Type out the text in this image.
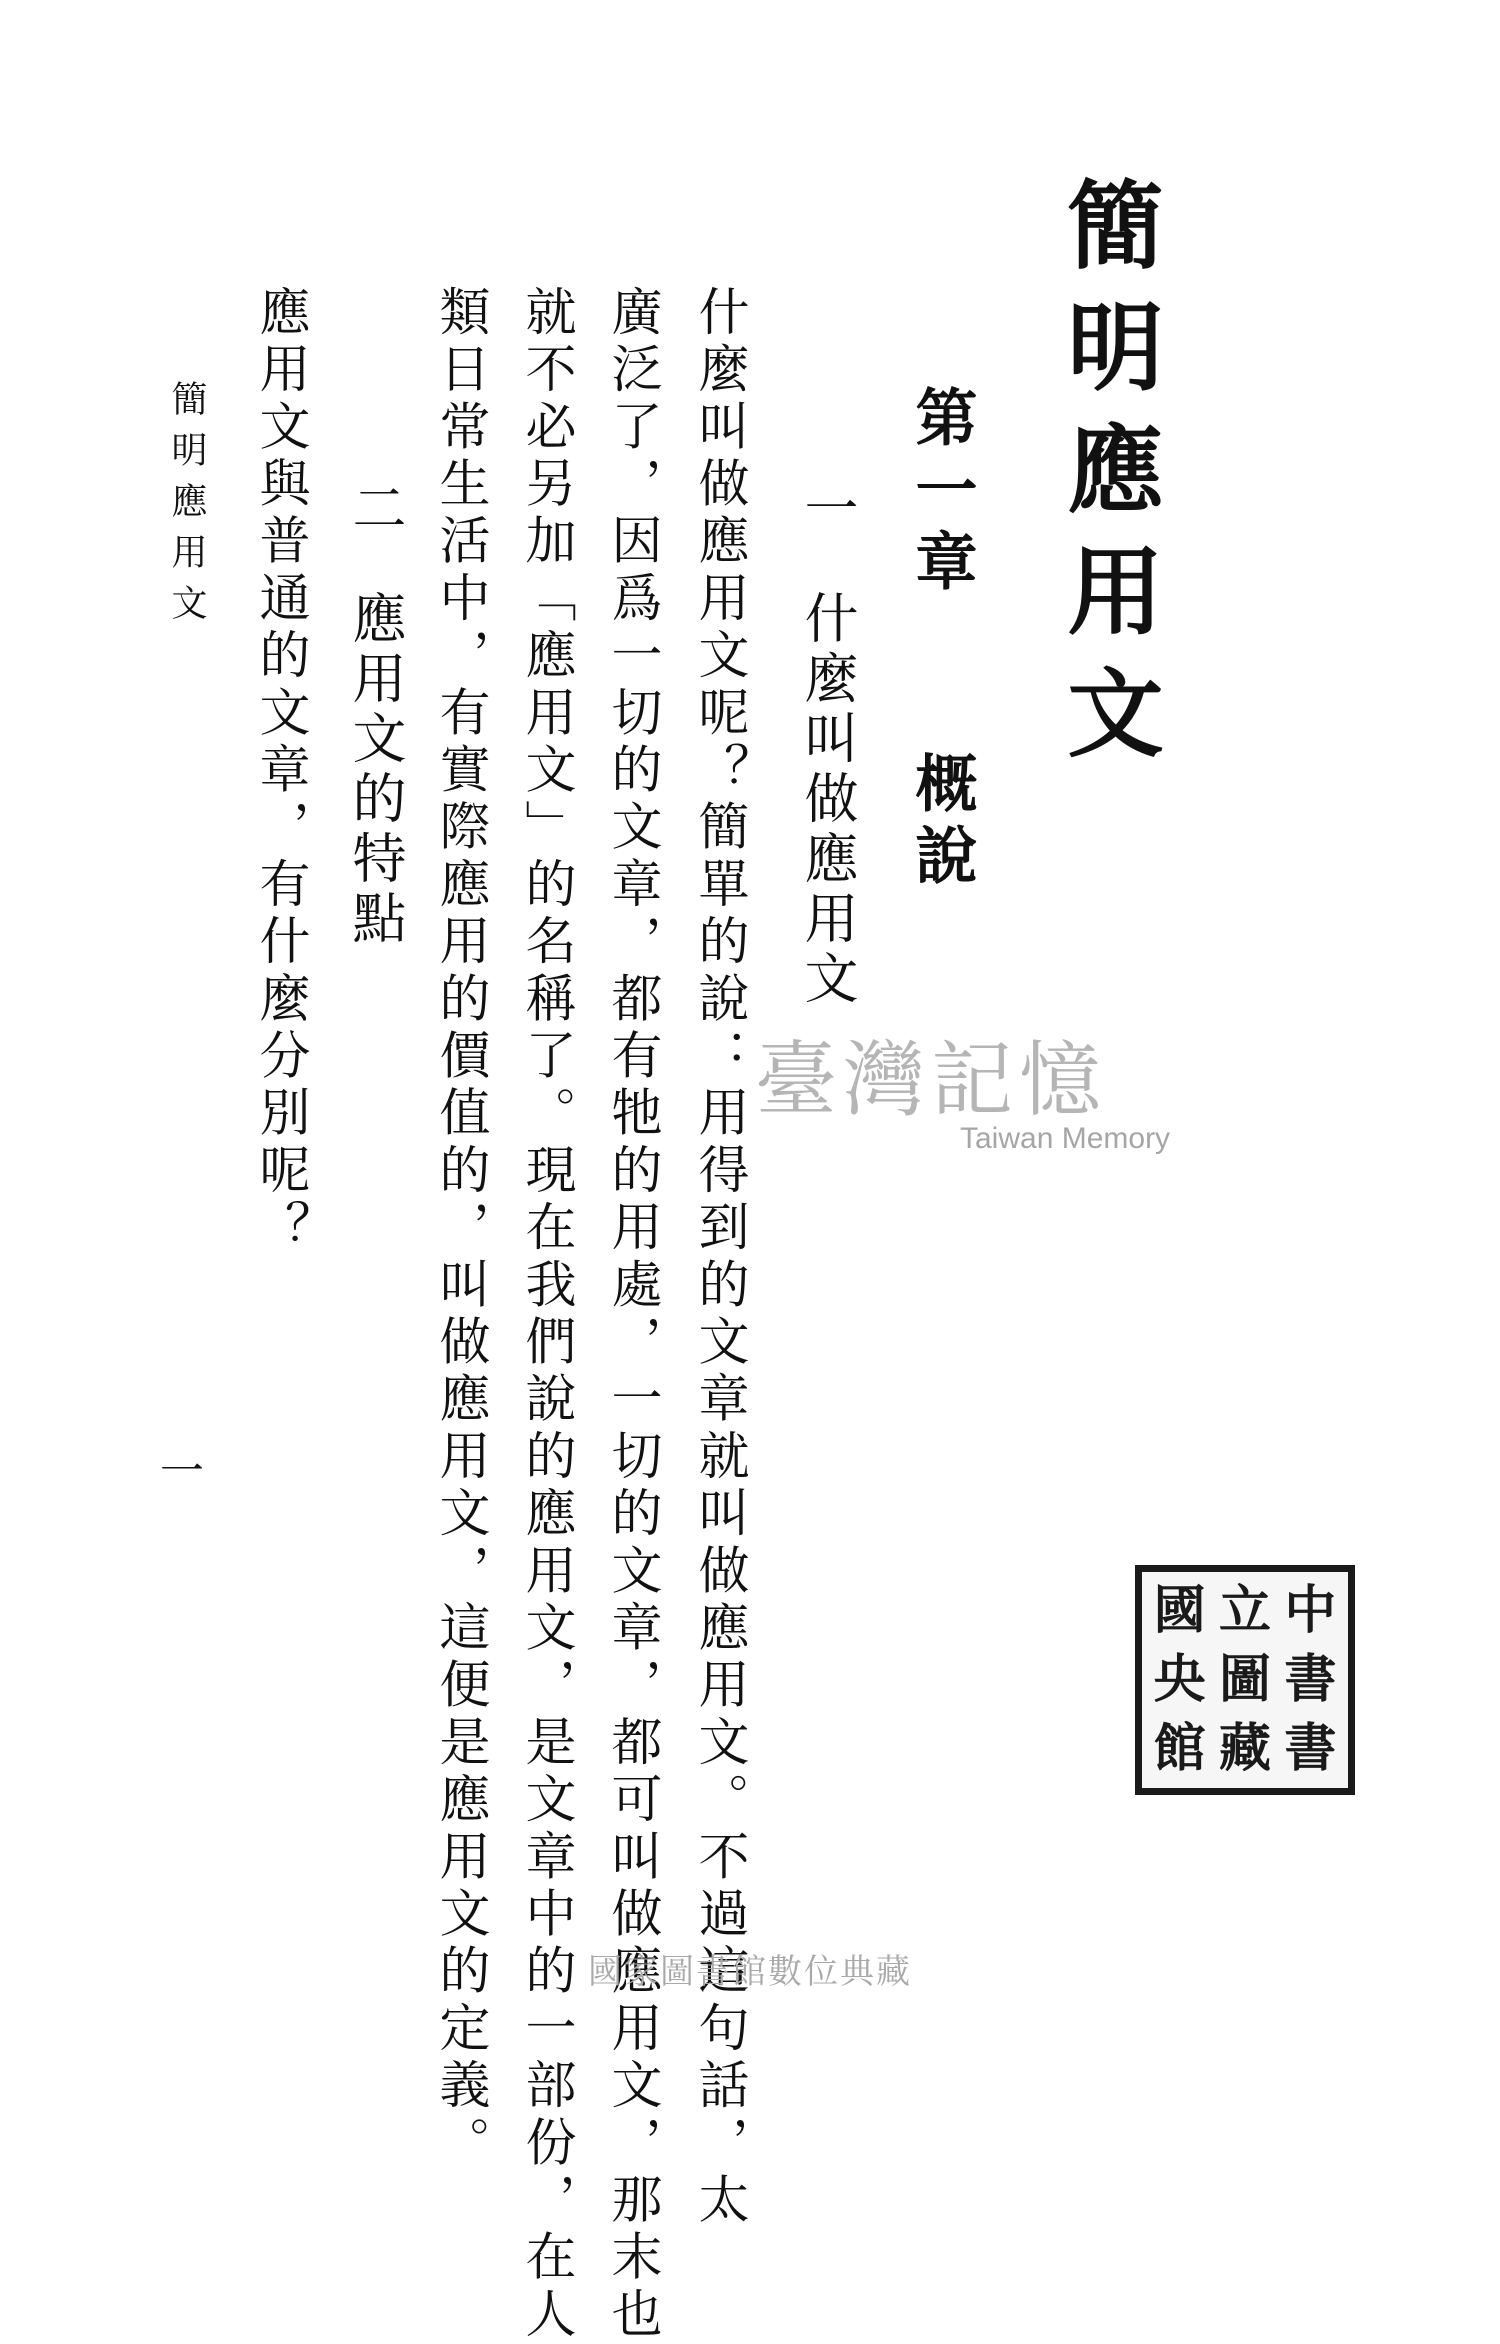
簡明應用文
第一章概說
一什麼叫做應用文
什麼叫做應用文呢？簡單的說：用得到的文章就叫做應用文。不過這句話，太
廣泛了，因爲一切的文章，都有牠的用處，一切的文章，都可叫做應用文，那末也
就不必另加「應用文」的名稱了。現在我們說的應用文，是文章中的一部份，在人
類日常生活中，有實際應用的價值的，叫做應用文，這便是應用文的定義。
二應用文的特點
應用文與普通的文章，有什麼分別呢？
簡明應用文
一
臺灣記憶
Taiwan Memory
國 立 中
央 圖 書
館 藏 書
國家圖書館數位典藏
